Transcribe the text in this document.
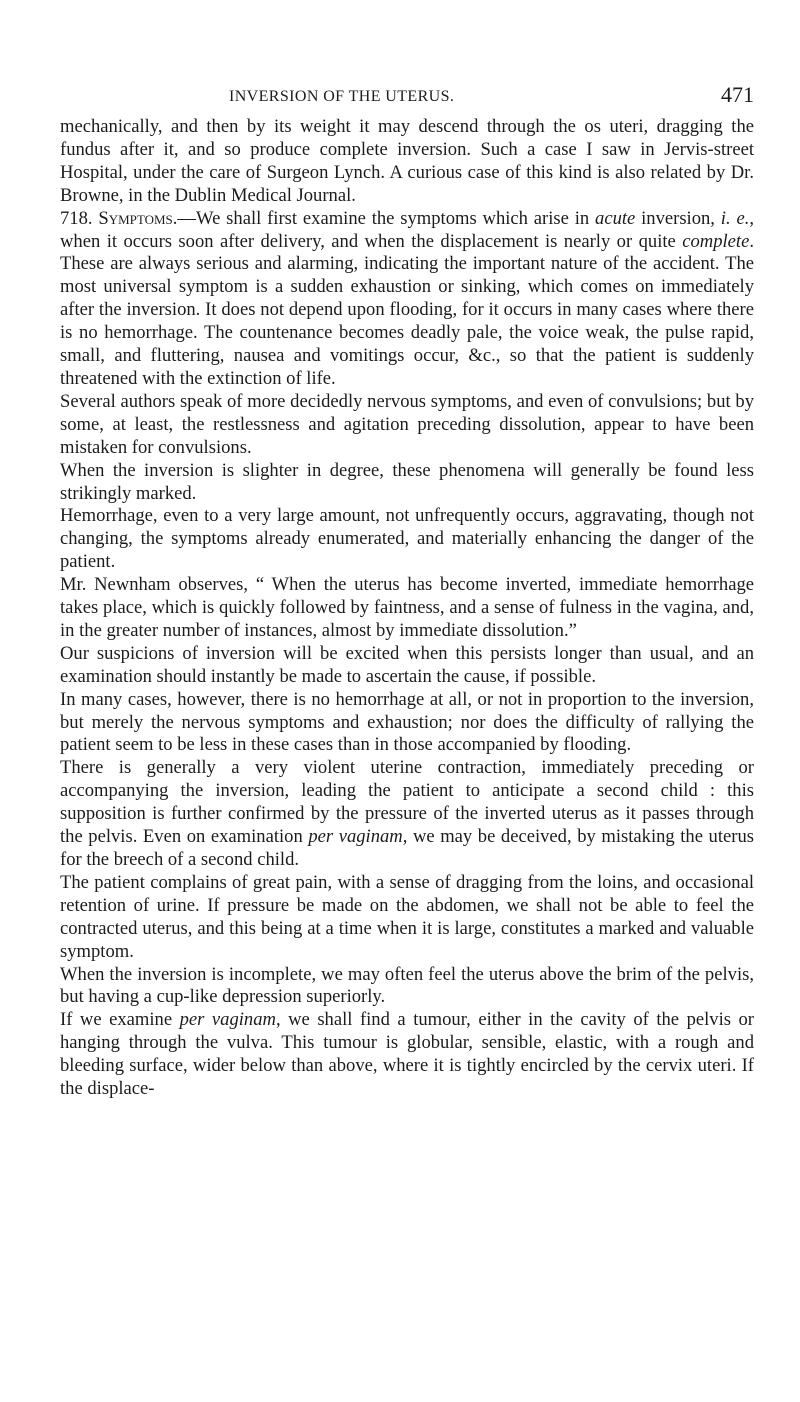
INVERSION OF THE UTERUS.	471

mechanically, and then by its weight it may descend through the os uteri, dragging the fundus after it, and so produce complete inversion. Such a case I saw in Jervis-street Hospital, under the care of Surgeon Lynch. A curious case of this kind is also related by Dr. Browne, in the Dublin Medical Journal.

718. Symptoms.—We shall first examine the symptoms which arise in acute inversion, i. e., when it occurs soon after delivery, and when the displacement is nearly or quite complete. These are always serious and alarming, indicating the important nature of the accident. The most universal symptom is a sudden exhaustion or sinking, which comes on immediately after the inversion. It does not depend upon flooding, for it occurs in many cases where there is no hemorrhage. The countenance becomes deadly pale, the voice weak, the pulse rapid, small, and fluttering, nausea and vomitings occur, &c., so that the patient is suddenly threatened with the extinction of life.

Several authors speak of more decidedly nervous symptoms, and even of convulsions; but by some, at least, the restlessness and agitation preceding dissolution, appear to have been mistaken for convulsions.

When the inversion is slighter in degree, these phenomena will generally be found less strikingly marked.

Hemorrhage, even to a very large amount, not unfrequently occurs, aggravating, though not changing, the symptoms already enumerated, and materially enhancing the danger of the patient.

Mr. Newnham observes, “ When the uterus has become inverted, immediate hemorrhage takes place, which is quickly followed by faintness, and a sense of fulness in the vagina, and, in the greater number of instances, almost by immediate dissolution.”

Our suspicions of inversion will be excited when this persists longer than usual, and an examination should instantly be made to ascertain the cause, if possible.

In many cases, however, there is no hemorrhage at all, or not in proportion to the inversion, but merely the nervous symptoms and exhaustion; nor does the difficulty of rallying the patient seem to be less in these cases than in those accompanied by flooding.

There is generally a very violent uterine contraction, immediately preceding or accompanying the inversion, leading the patient to anticipate a second child : this supposition is further confirmed by the pressure of the inverted uterus as it passes through the pelvis. Even on examination per vaginam, we may be deceived, by mistaking the uterus for the breech of a second child.

The patient complains of great pain, with a sense of dragging from the loins, and occasional retention of urine. If pressure be made on the abdomen, we shall not be able to feel the contracted uterus, and this being at a time when it is large, constitutes a marked and valuable symptom.

When the inversion is incomplete, we may often feel the uterus above the brim of the pelvis, but having a cup-like depression superiorly.

If we examine per vaginam, we shall find a tumour, either in the cavity of the pelvis or hanging through the vulva. This tumour is globular, sensible, elastic, with a rough and bleeding surface, wider below than above, where it is tightly encircled by the cervix uteri. If the displace-
